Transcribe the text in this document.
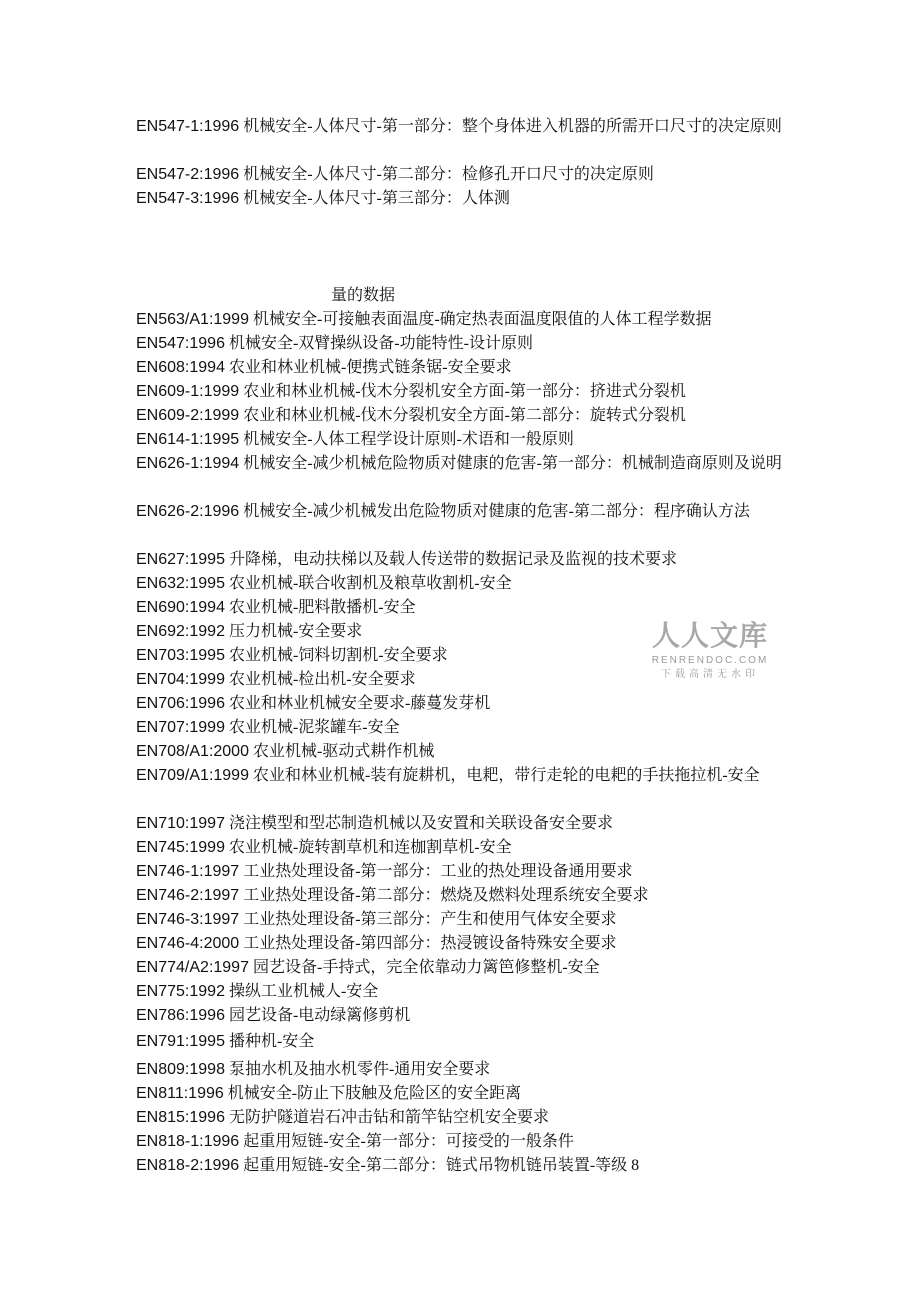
EN547-1:1996 机械安全-人体尺寸-第一部分：整个身体进入机器的所需开口尺寸的决定原则
EN547-2:1996 机械安全-人体尺寸-第二部分：检修孔开口尺寸的决定原则
EN547-3:1996 机械安全-人体尺寸-第三部分：人体测
量的数据
EN563/A1:1999 机械安全-可接触表面温度-确定热表面温度限值的人体工程学数据
EN547:1996 机械安全-双臂操纵设备-功能特性-设计原则
EN608:1994 农业和林业机械-便携式链条锯-安全要求
EN609-1:1999 农业和林业机械-伐木分裂机安全方面-第一部分：挤进式分裂机
EN609-2:1999 农业和林业机械-伐木分裂机安全方面-第二部分：旋转式分裂机
EN614-1:1995 机械安全-人体工程学设计原则-术语和一般原则
EN626-1:1994 机械安全-减少机械危险物质对健康的危害-第一部分：机械制造商原则及说明
EN626-2:1996 机械安全-减少机械发出危险物质对健康的危害-第二部分：程序确认方法
EN627:1995 升降梯，电动扶梯以及载人传送带的数据记录及监视的技术要求
EN632:1995 农业机械-联合收割机及粮草收割机-安全
EN690:1994 农业机械-肥料散播机-安全
EN692:1992 压力机械-安全要求
EN703:1995 农业机械-饲料切割机-安全要求
EN704:1999 农业机械-检出机-安全要求
EN706:1996 农业和林业机械安全要求-藤蔓发芽机
EN707:1999 农业机械-泥浆罐车-安全
EN708/A1:2000 农业机械-驱动式耕作机械
EN709/A1:1999 农业和林业机械-装有旋耕机，电耙，带行走轮的电耙的手扶拖拉机-安全
EN710:1997 浇注模型和型芯制造机械以及安置和关联设备安全要求
EN745:1999 农业机械-旋转割草机和连枷割草机-安全
EN746-1:1997 工业热处理设备-第一部分：工业的热处理设备通用要求
EN746-2:1997 工业热处理设备-第二部分：燃烧及燃料处理系统安全要求
EN746-3:1997 工业热处理设备-第三部分：产生和使用气体安全要求
EN746-4:2000 工业热处理设备-第四部分：热浸镀设备特殊安全要求
EN774/A2:1997 园艺设备-手持式，完全依靠动力篱笆修整机-安全
EN775:1992 操纵工业机械人-安全
EN786:1996 园艺设备-电动绿篱修剪机
EN791:1995 播种机-安全
EN809:1998 泵抽水机及抽水机零件-通用安全要求
EN811:1996 机械安全-防止下肢触及危险区的安全距离
EN815:1996 无防护隧道岩石冲击钻和箭竿钻空机安全要求
EN818-1:1996 起重用短链-安全-第一部分：可接受的一般条件
EN818-2:1996 起重用短链-安全-第二部分：链式吊物机链吊装置-等级 8
人人文库
RENRENDOC.COM
下载高清无水印
